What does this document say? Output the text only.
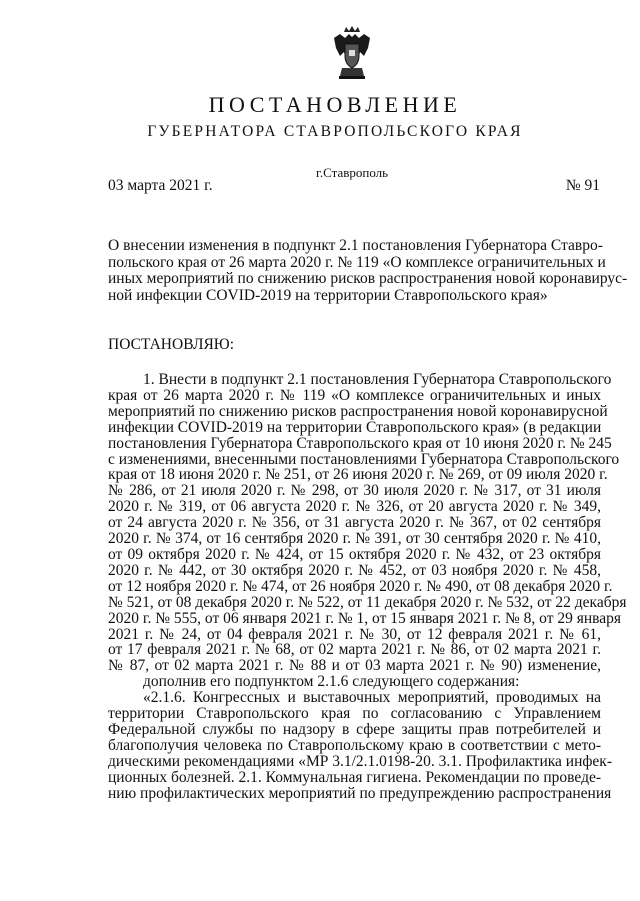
ПОСТАНОВЛЕНИЕ
ГУБЕРНАТОРА СТАВРОПОЛЬСКОГО КРАЯ
г.Ставрополь
03 марта 2021 г.	№ 91
О внесении изменения в подпункт 2.1 постановления Губернатора Ставро-
польского края от 26 марта 2020 г. № 119 «О комплексе ограничительных и
иных мероприятий по снижению рисков распространения новой коронавирус-
ной инфекции COVID-2019 на территории Ставропольского края»
ПОСТАНОВЛЯЮ:
1. Внести в подпункт 2.1 постановления Губернатора Ставропольского
края от 26 марта 2020 г. № 119 «О комплексе ограничительных и иных
мероприятий по снижению рисков распространения новой коронавирусной
инфекции COVID-2019 на территории Ставропольского края» (в редакции
постановления Губернатора Ставропольского края от 10 июня 2020 г. № 245
с изменениями, внесенными постановлениями Губернатора Ставропольского
края от 18 июня 2020 г. № 251, от 26 июня 2020 г. № 269, от 09 июля 2020 г.
№ 286, от 21 июля 2020 г. № 298, от 30 июля 2020 г. № 317, от 31 июля
2020 г. № 319, от 06 августа 2020 г. № 326, от 20 августа 2020 г. № 349,
от 24 августа 2020 г. № 356, от 31 августа 2020 г. № 367, от 02 сентября
2020 г. № 374, от 16 сентября 2020 г. № 391, от 30 сентября 2020 г. № 410,
от 09 октября 2020 г. № 424, от 15 октября 2020 г. № 432, от 23 октября
2020 г. № 442, от 30 октября 2020 г. № 452, от 03 ноября 2020 г. № 458,
от 12 ноября 2020 г. № 474, от 26 ноября 2020 г. № 490, от 08 декабря 2020 г.
№ 521, от 08 декабря 2020 г. № 522, от 11 декабря 2020 г. № 532, от 22 декабря
2020 г. № 555, от 06 января 2021 г. № 1, от 15 января 2021 г. № 8, от 29 января
2021 г. № 24, от 04 февраля 2021 г. № 30, от 12 февраля 2021 г. № 61,
от 17 февраля 2021 г. № 68, от 02 марта 2021 г. № 86, от 02 марта 2021 г.
№ 87, от 02 марта 2021 г. № 88 и от 03 марта 2021 г. № 90) изменение,
дополнив его подпунктом 2.1.6 следующего содержания:
«2.1.6. Конгрессных и выставочных мероприятий, проводимых на
территории Ставропольского края по согласованию с Управлением
Федеральной службы по надзору в сфере защиты прав потребителей и
благополучия человека по Ставропольскому краю в соответствии с мето-
дическими рекомендациями «МР 3.1/2.1.0198-20. 3.1. Профилактика инфек-
ционных болезней. 2.1. Коммунальная гигиена. Рекомендации по проведе-
нию профилактических мероприятий по предупреждению распространения
